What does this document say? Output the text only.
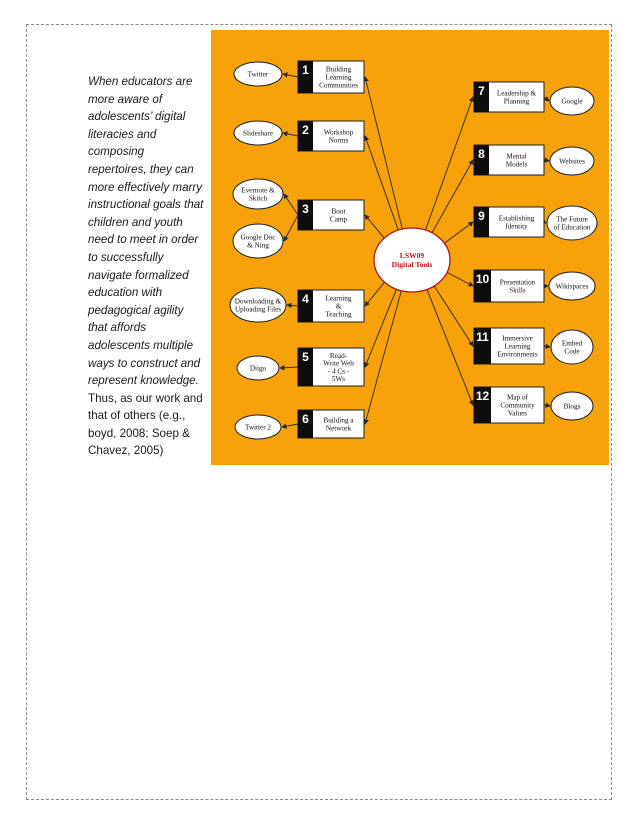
When educators are more aware of adolescents’ digital literacies and composing repertoires, they can more effectively marry instructional goals that children and youth need to meet in order to successfully navigate formalized education with pedagogical agility that affords adolescents multiple ways to construct and represent knowledge. Thus, as our work and that of others (e.g., boyd, 2008; Soep & Chavez, 2005)
LSW09 Digital Tools
1	Building Learning Communities
2 Workshop Norms
3	Boot Camp
4 Learning & Teaching
5	Read-Write Web - 4 Cs -5Ws
6 Building a Network
7 Leadership & Planning
8	Mental Models
9 Establishing Identity
10 Presentation Skills
11	Immersive Learning Environments
12	Map of Community Values
Twitter
Slideshare
Evernote & Skitch
Google Doc & Ning
Downloading & Uploading Files
Diigo
Twitter 2
Google
Websites
The Future of Education
Wikispaces
Embed Code
Blogs
